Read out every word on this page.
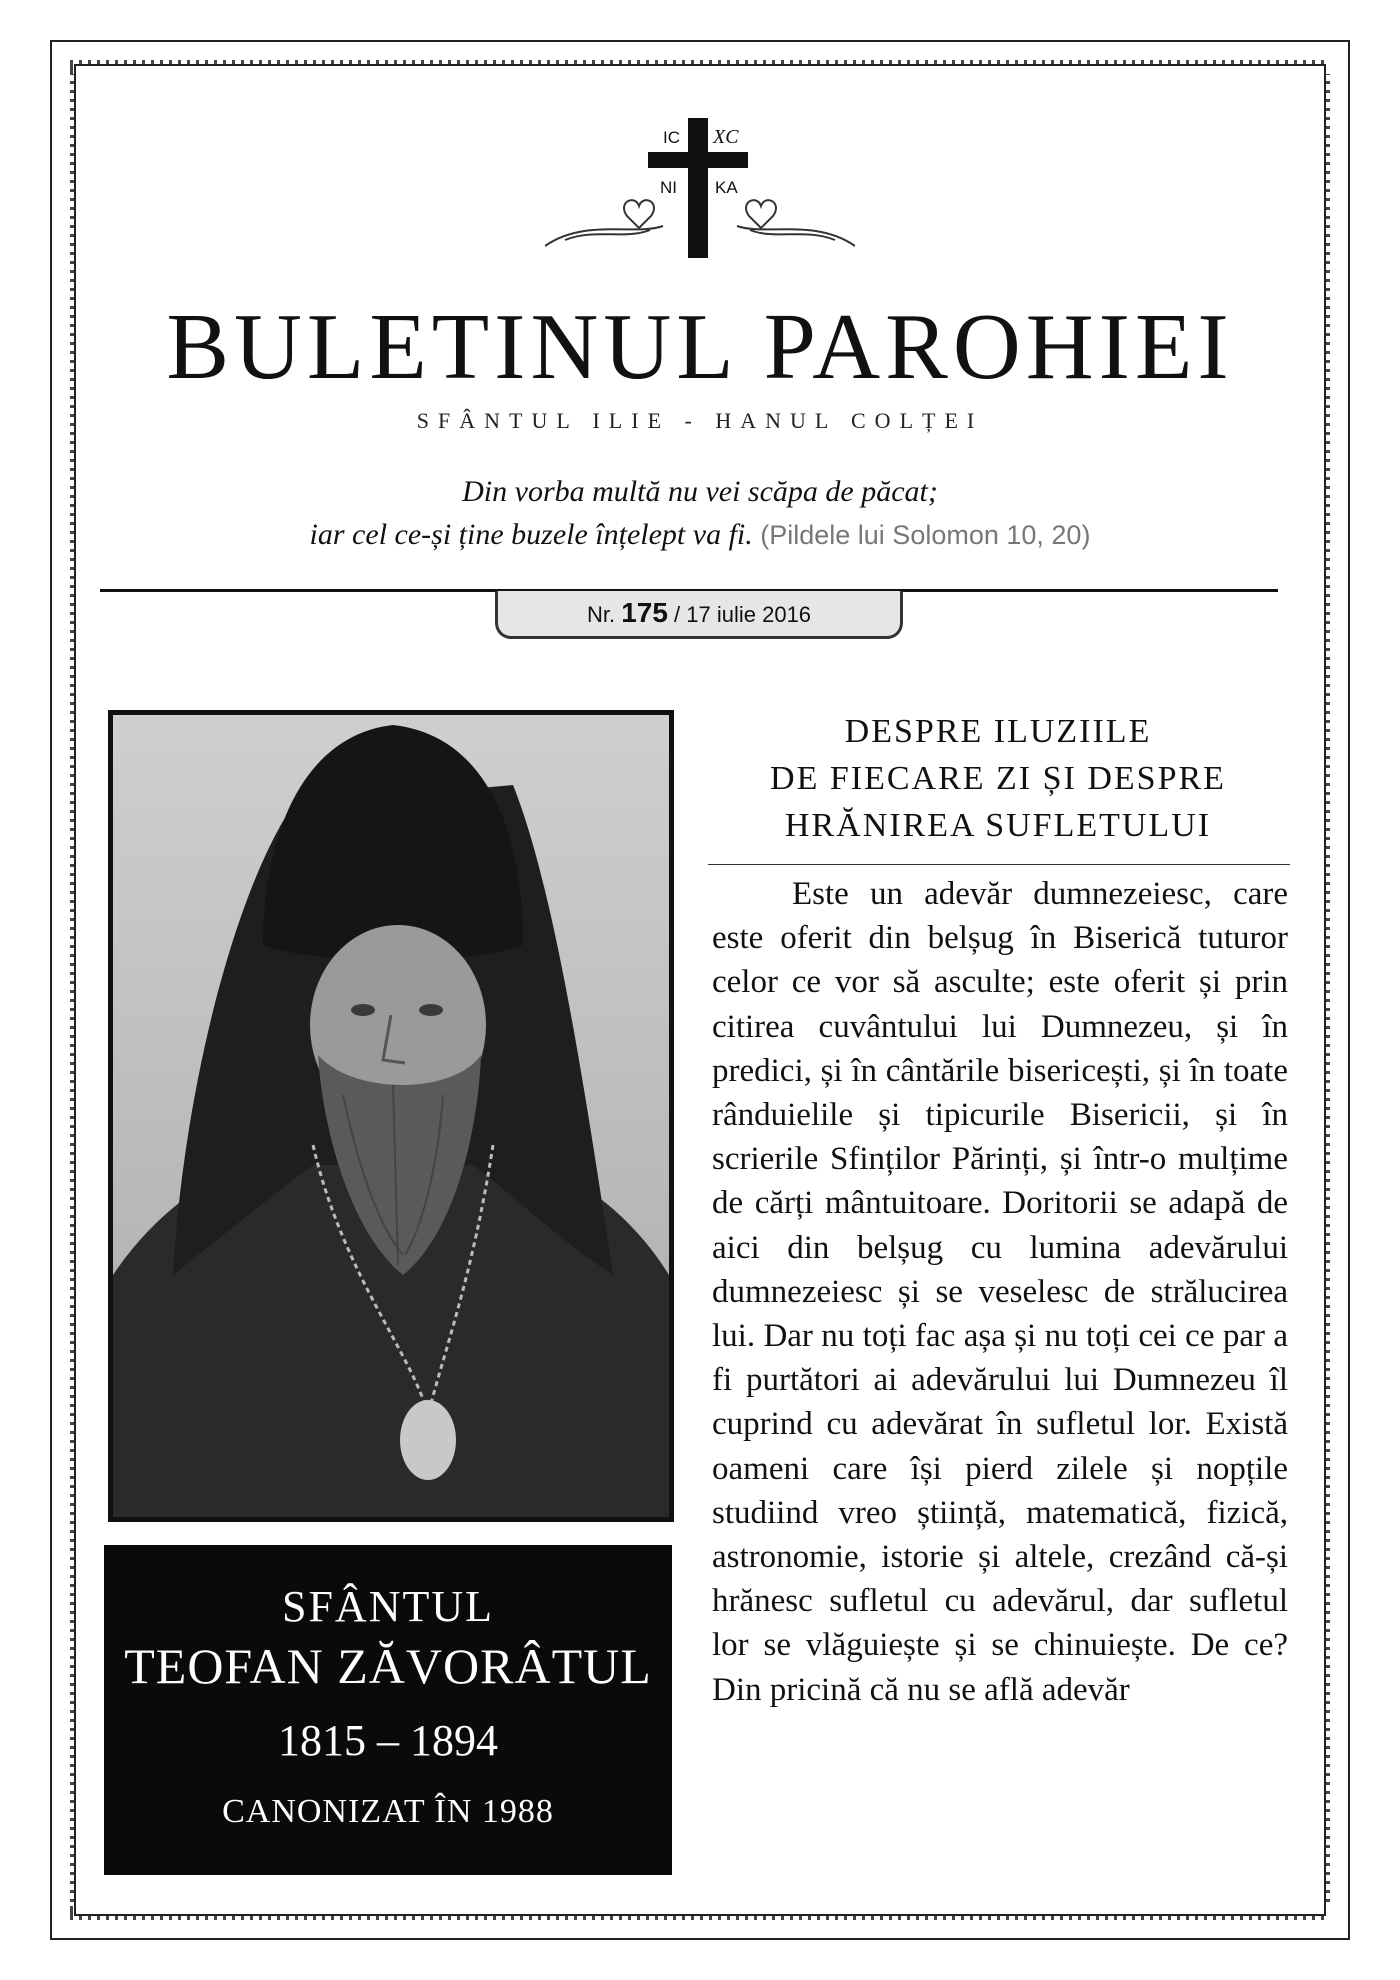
IC ΧC
NI KA
BULETINUL PAROHIEI
SFÂNTUL ILIE - HANUL COLȚEI
Din vorba multă nu vei scăpa de păcat;
iar cel ce-și ține buzele înțelept va fi. (Pildele lui Solomon 10, 20)
Nr. 175 / 17 iulie 2016
SFÂNTUL
TEOFAN ZĂVORÂTUL
1815 – 1894
CANONIZAT ÎN 1988
DESPRE ILUZIILE
DE FIECARE ZI ȘI DESPRE
HRĂNIREA SUFLETULUI

Este un adevăr dumnezeiesc, care este oferit din belșug în Biserică tuturor celor ce vor să asculte; este oferit și prin citirea cuvântului lui Dumnezeu, și în predici, și în cântările bisericești, și în toate rânduielile și tipicurile Bisericii, și în scrierile Sfinților Părinți, și într-o mulțime de cărți mântuitoare. Doritorii se adapă de aici din belșug cu lumina adevărului dumnezeiesc și se veselesc de strălucirea lui. Dar nu toți fac așa și nu toți cei ce par a fi purtători ai adevărului lui Dumnezeu îl cuprind cu adevărat în sufletul lor. Există oameni care își pierd zilele și nopțile studiind vreo știință, matematică, fizică, astronomie, istorie și altele, crezând că-și hrănesc sufletul cu adevărul, dar sufletul lor se vlăguiește și se chinuiește. De ce? Din pricină că nu se află adevăr
